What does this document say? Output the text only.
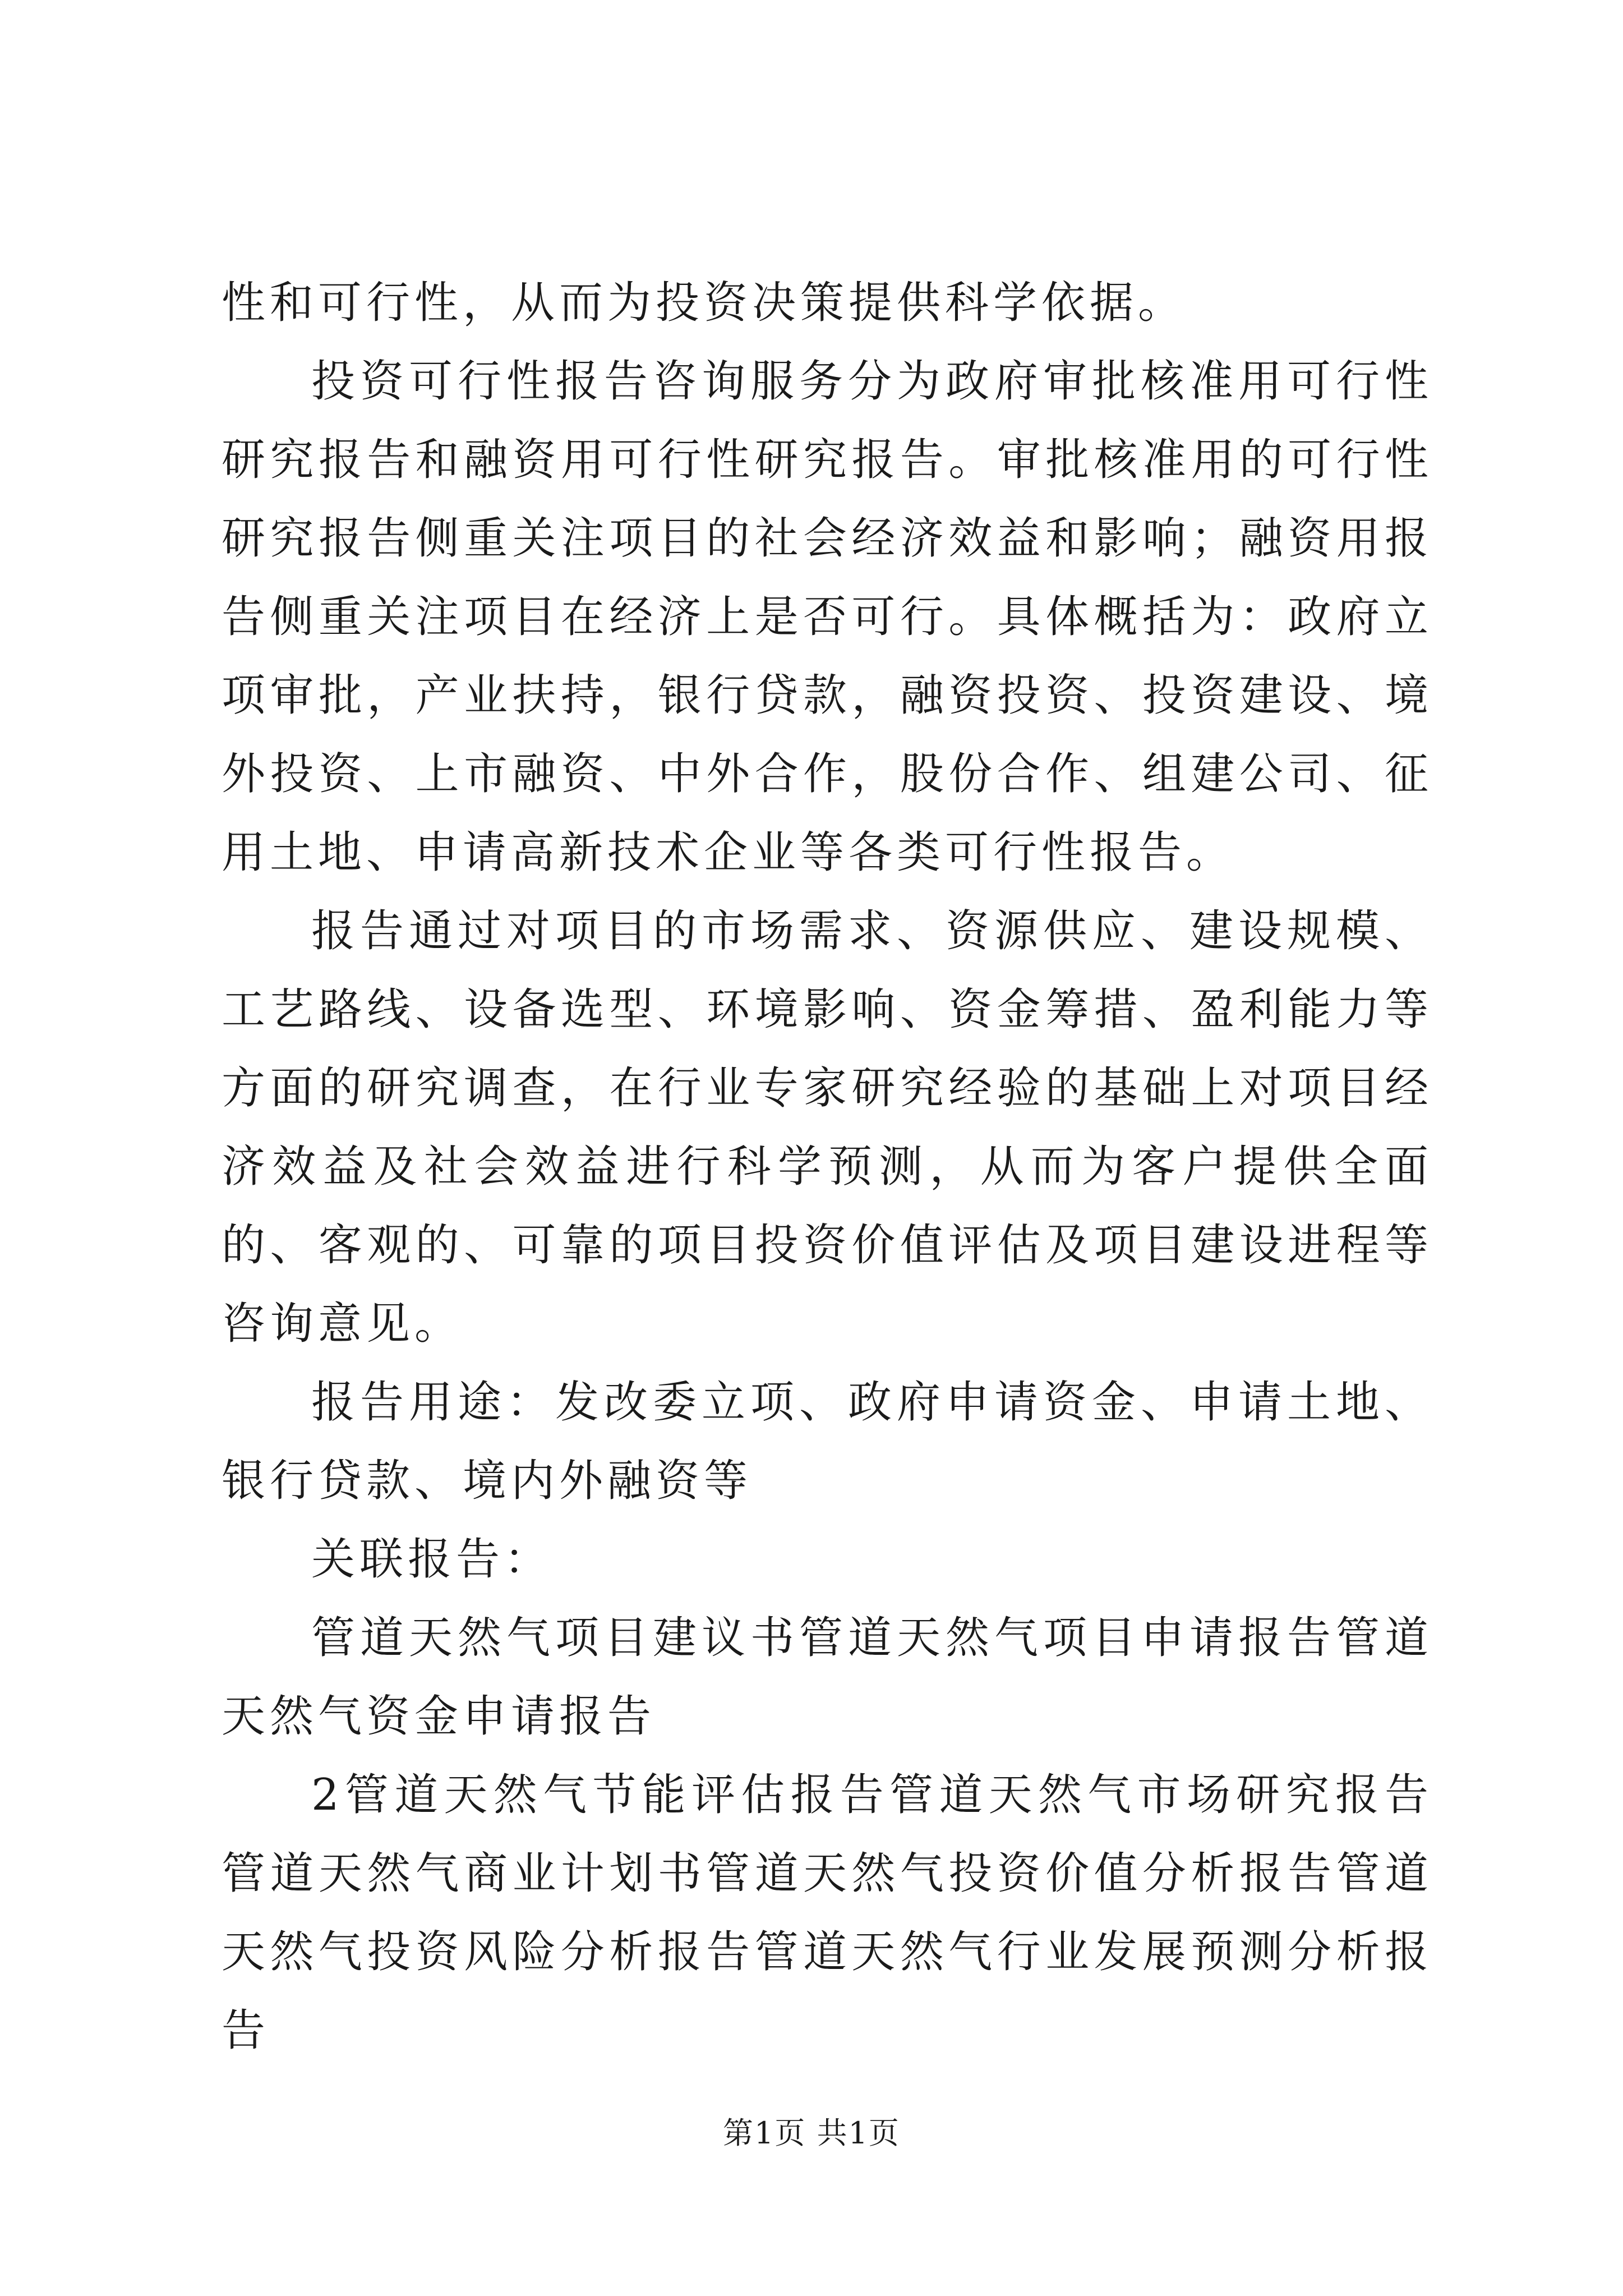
性和可行性，从而为投资决策提供科学依据。

投资可行性报告咨询服务分为政府审批核准用可行性研究报告和融资用可行性研究报告。审批核准用的可行性研究报告侧重关注项目的社会经济效益和影响；融资用报告侧重关注项目在经济上是否可行。具体概括为：政府立项审批，产业扶持，银行贷款，融资投资、投资建设、境外投资、上市融资、中外合作，股份合作、组建公司、征用土地、申请高新技术企业等各类可行性报告。

报告通过对项目的市场需求、资源供应、建设规模、工艺路线、设备选型、环境影响、资金筹措、盈利能力等方面的研究调查，在行业专家研究经验的基础上对项目经济效益及社会效益进行科学预测，从而为客户提供全面的、客观的、可靠的项目投资价值评估及项目建设进程等咨询意见。

报告用途：发改委立项、政府申请资金、申请土地、银行贷款、境内外融资等

关联报告：

管道天然气项目建议书管道天然气项目申请报告管道天然气资金申请报告

2管道天然气节能评估报告管道天然气市场研究报告管道天然气商业计划书管道天然气投资价值分析报告管道天然气投资风险分析报告管道天然气行业发展预测分析报告

第1页 共1页
